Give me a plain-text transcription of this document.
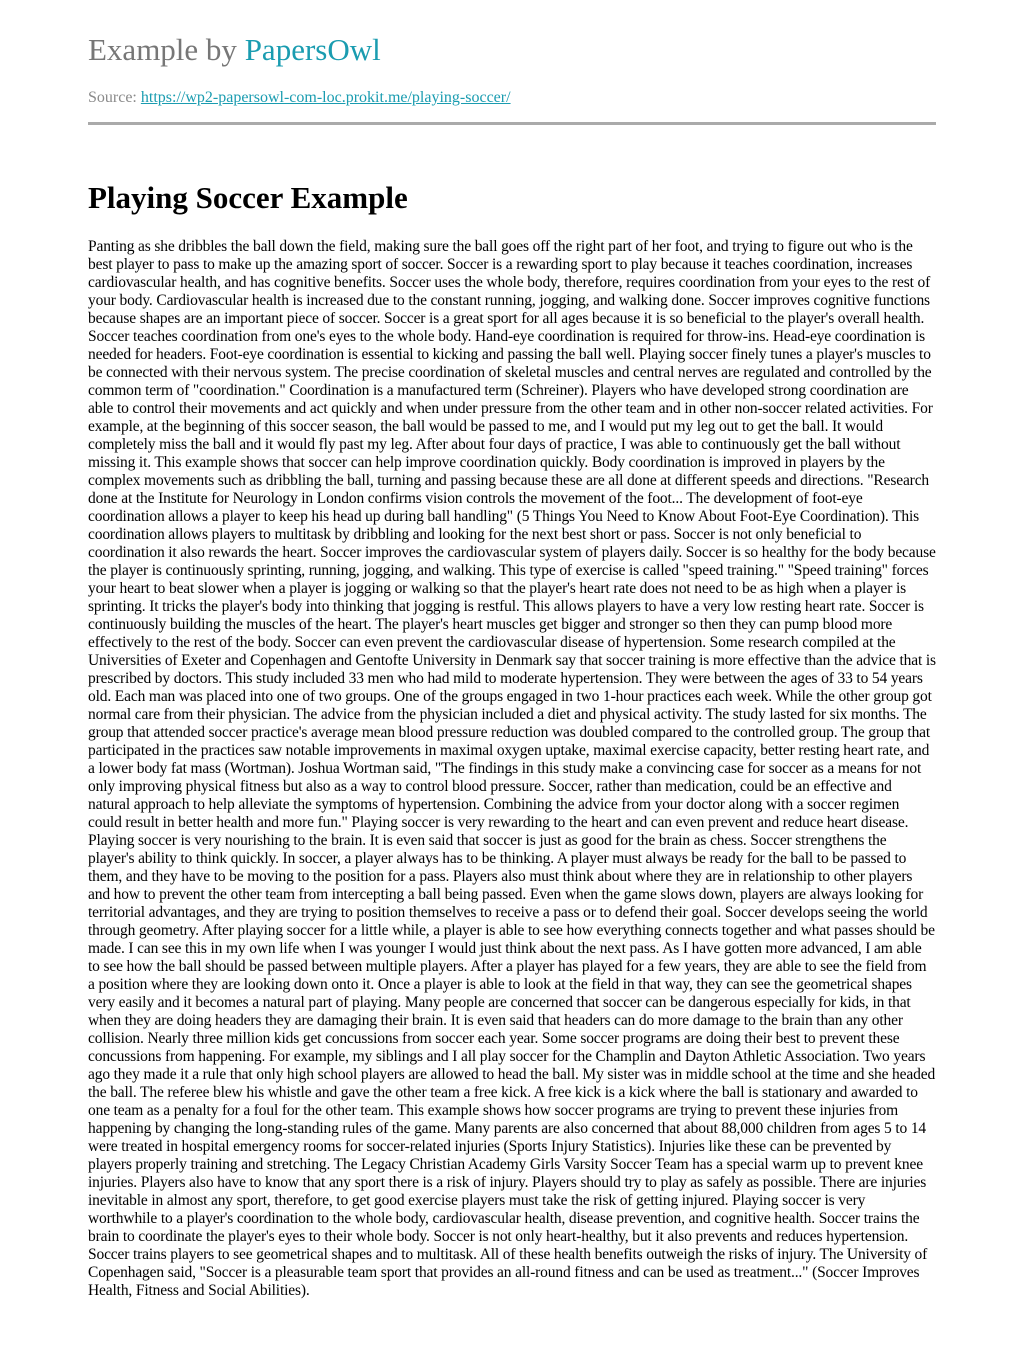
Example by PapersOwl

Source: https://wp2-papersowl-com-loc.prokit.me/playing-soccer/
Playing Soccer Example

Panting as she dribbles the ball down the field, making sure the ball goes off the right part of her foot, and trying to figure out who is the best player to pass to make up the amazing sport of soccer. Soccer is a rewarding sport to play because it teaches coordination, increases cardiovascular health, and has cognitive benefits. Soccer uses the whole body, therefore, requires coordination from your eyes to the rest of your body. Cardiovascular health is increased due to the constant running, jogging, and walking done. Soccer improves cognitive functions because shapes are an important piece of soccer. Soccer is a great sport for all ages because it is so beneficial to the player's overall health. Soccer teaches coordination from one's eyes to the whole body. Hand-eye coordination is required for throw-ins. Head-eye coordination is needed for headers. Foot-eye coordination is essential to kicking and passing the ball well. Playing soccer finely tunes a player's muscles to be connected with their nervous system. The precise coordination of skeletal muscles and central nerves are regulated and controlled by the common term of "coordination." Coordination is a manufactured term (Schreiner). Players who have developed strong coordination are able to control their movements and act quickly and when under pressure from the other team and in other non-soccer related activities. For example, at the beginning of this soccer season, the ball would be passed to me, and I would put my leg out to get the ball. It would completely miss the ball and it would fly past my leg. After about four days of practice, I was able to continuously get the ball without missing it. This example shows that soccer can help improve coordination quickly. Body coordination is improved in players by the complex movements such as dribbling the ball, turning and passing because these are all done at different speeds and directions. "Research done at the Institute for Neurology in London confirms vision controls the movement of the foot... The development of foot-eye coordination allows a player to keep his head up during ball handling" (5 Things You Need to Know About Foot-Eye Coordination). This coordination allows players to multitask by dribbling and looking for the next best short or pass. Soccer is not only beneficial to coordination it also rewards the heart. Soccer improves the cardiovascular system of players daily. Soccer is so healthy for the body because the player is continuously sprinting, running, jogging, and walking. This type of exercise is called "speed training." "Speed training" forces your heart to beat slower when a player is jogging or walking so that the player's heart rate does not need to be as high when a player is sprinting. It tricks the player's body into thinking that jogging is restful. This allows players to have a very low resting heart rate. Soccer is continuously building the muscles of the heart. The player's heart muscles get bigger and stronger so then they can pump blood more effectively to the rest of the body. Soccer can even prevent the cardiovascular disease of hypertension. Some research compiled at the Universities of Exeter and Copenhagen and Gentofte University in Denmark say that soccer training is more effective than the advice that is prescribed by doctors. This study included 33 men who had mild to moderate hypertension. They were between the ages of 33 to 54 years old. Each man was placed into one of two groups. One of the groups engaged in two 1-hour practices each week. While the other group got normal care from their physician. The advice from the physician included a diet and physical activity. The study lasted for six months. The group that attended soccer practice's average mean blood pressure reduction was doubled compared to the controlled group. The group that participated in the practices saw notable improvements in maximal oxygen uptake, maximal exercise capacity, better resting heart rate, and a lower body fat mass (Wortman). Joshua Wortman said, "The findings in this study make a convincing case for soccer as a means for not only improving physical fitness but also as a way to control blood pressure. Soccer, rather than medication, could be an effective and natural approach to help alleviate the symptoms of hypertension. Combining the advice from your doctor along with a soccer regimen could result in better health and more fun." Playing soccer is very rewarding to the heart and can even prevent and reduce heart disease. Playing soccer is very nourishing to the brain. It is even said that soccer is just as good for the brain as chess. Soccer strengthens the player's ability to think quickly. In soccer, a player always has to be thinking. A player must always be ready for the ball to be passed to them, and they have to be moving to the position for a pass. Players also must think about where they are in relationship to other players and how to prevent the other team from intercepting a ball being passed. Even when the game slows down, players are always looking for territorial advantages, and they are trying to position themselves to receive a pass or to defend their goal. Soccer develops seeing the world through geometry. After playing soccer for a little while, a player is able to see how everything connects together and what passes should be made. I can see this in my own life when I was younger I would just think about the next pass. As I have gotten more advanced, I am able to see how the ball should be passed between multiple players. After a player has played for a few years, they are able to see the field from a position where they are looking down onto it. Once a player is able to look at the field in that way, they can see the geometrical shapes very easily and it becomes a natural part of playing. Many people are concerned that soccer can be dangerous especially for kids, in that when they are doing headers they are damaging their brain. It is even said that headers can do more damage to the brain than any other collision. Nearly three million kids get concussions from soccer each year. Some soccer programs are doing their best to prevent these concussions from happening. For example, my siblings and I all play soccer for the Champlin and Dayton Athletic Association. Two years ago they made it a rule that only high school players are allowed to head the ball. My sister was in middle school at the time and she headed the ball. The referee blew his whistle and gave the other team a free kick. A free kick is a kick where the ball is stationary and awarded to one team as a penalty for a foul for the other team. This example shows how soccer programs are trying to prevent these injuries from happening by changing the long-standing rules of the game. Many parents are also concerned that about 88,000 children from ages 5 to 14 were treated in hospital emergency rooms for soccer-related injuries (Sports Injury Statistics). Injuries like these can be prevented by players properly training and stretching. The Legacy Christian Academy Girls Varsity Soccer Team has a special warm up to prevent knee injuries. Players also have to know that any sport there is a risk of injury. Players should try to play as safely as possible. There are injuries inevitable in almost any sport, therefore, to get good exercise players must take the risk of getting injured. Playing soccer is very worthwhile to a player's coordination to the whole body, cardiovascular health, disease prevention, and cognitive health. Soccer trains the brain to coordinate the player's eyes to their whole body. Soccer is not only heart-healthy, but it also prevents and reduces hypertension. Soccer trains players to see geometrical shapes and to multitask. All of these health benefits outweigh the risks of injury. The University of Copenhagen said, "Soccer is a pleasurable team sport that provides an all-round fitness and can be used as treatment..." (Soccer Improves Health, Fitness and Social Abilities).
